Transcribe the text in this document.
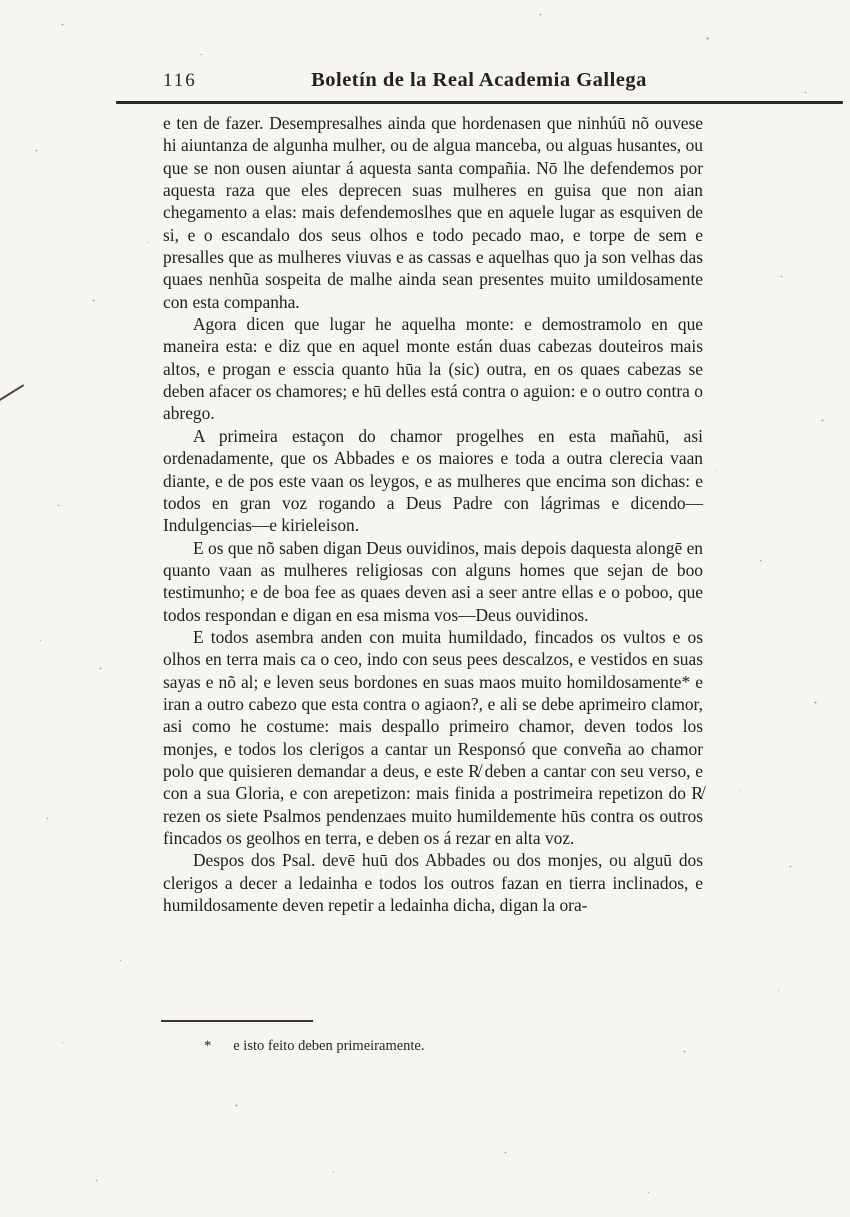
116	Boletín de la Real Academia Gallega

e ten de fazer. Desempresalhes ainda que hordenasen que ninhúū nõ ouvese hi aiuntanza de algunha mulher, ou de algua manceba, ou alguas husantes, ou que se non ousen aiuntar á aquesta santa compañia. Nō lhe defendemos por aquesta raza que eles deprecen suas mulheres en guisa que non aian chegamento a elas: mais defendemoslhes que en aquele lugar as esquiven de si, e o escandalo dos seus olhos e todo pecado mao, e torpe de sem e presalles que as mulheres viuvas e as cassas e aquelhas quo ja son velhas das quaes nenhũa sospeita de malhe ainda sean presentes muito umildosamente con esta companha.

Agora dicen que lugar he aquelha monte: e demostramolo en que maneira esta: e diz que en aquel monte están duas cabezas douteiros mais altos, e progan e esscia quanto hūa la (sic) outra, en os quaes cabezas se deben afacer os chamores; e hū delles está contra o aguion: e o outro contra o abrego.

A primeira estaçon do chamor progelhes en esta mañahū, asi ordenadamente, que os Abbades e os maiores e toda a outra clerecia vaan diante, e de pos este vaan os leygos, e as mulheres que encima son dichas: e todos en gran voz rogando a Deus Padre con lágrimas e dicendo—Indulgencias—e kirieleison.

E os que nõ saben digan Deus ouvidinos, mais depois daquesta alongē en quanto vaan as mulheres religiosas con alguns homes que sejan de boo testimunho; e de boa fee as quaes deven asi a seer antre ellas e o poboo, que todos respondan e digan en esa misma vos—Deus ouvidinos.

E todos asembra anden con muita humildado, fincados os vultos e os olhos en terra mais ca o ceo, indo con seus pees descalzos, e vestidos en suas sayas e nõ al; e leven seus bordones en suas maos muito homildosamente* e iran a outro cabezo que esta contra o agiaon?, e ali se debe aprimeiro clamor, asi como he costume: mais despallo primeiro chamor, deven todos los monjes, e todos los clerigos a cantar un Responsó que conveña ao chamor polo que quisieren demandar a deus, e este R̸ deben a cantar con seu verso, e con a sua Gloria, e con arepetizon: mais finida a postrimeira repetizon do R̸ rezen os siete Psalmos pendenzaes muito humildemente hūs contra os outros fincados os geolhos en terra, e deben os á rezar en alta voz.

Despos dos Psal. devē huū dos Abbades ou dos monjes, ou alguū dos clerigos a decer a ledainha e todos los outros fazan en tierra inclinados, e humildosamente deven repetir a ledainha dicha, digan la ora-

* e isto feito deben primeiramente.
